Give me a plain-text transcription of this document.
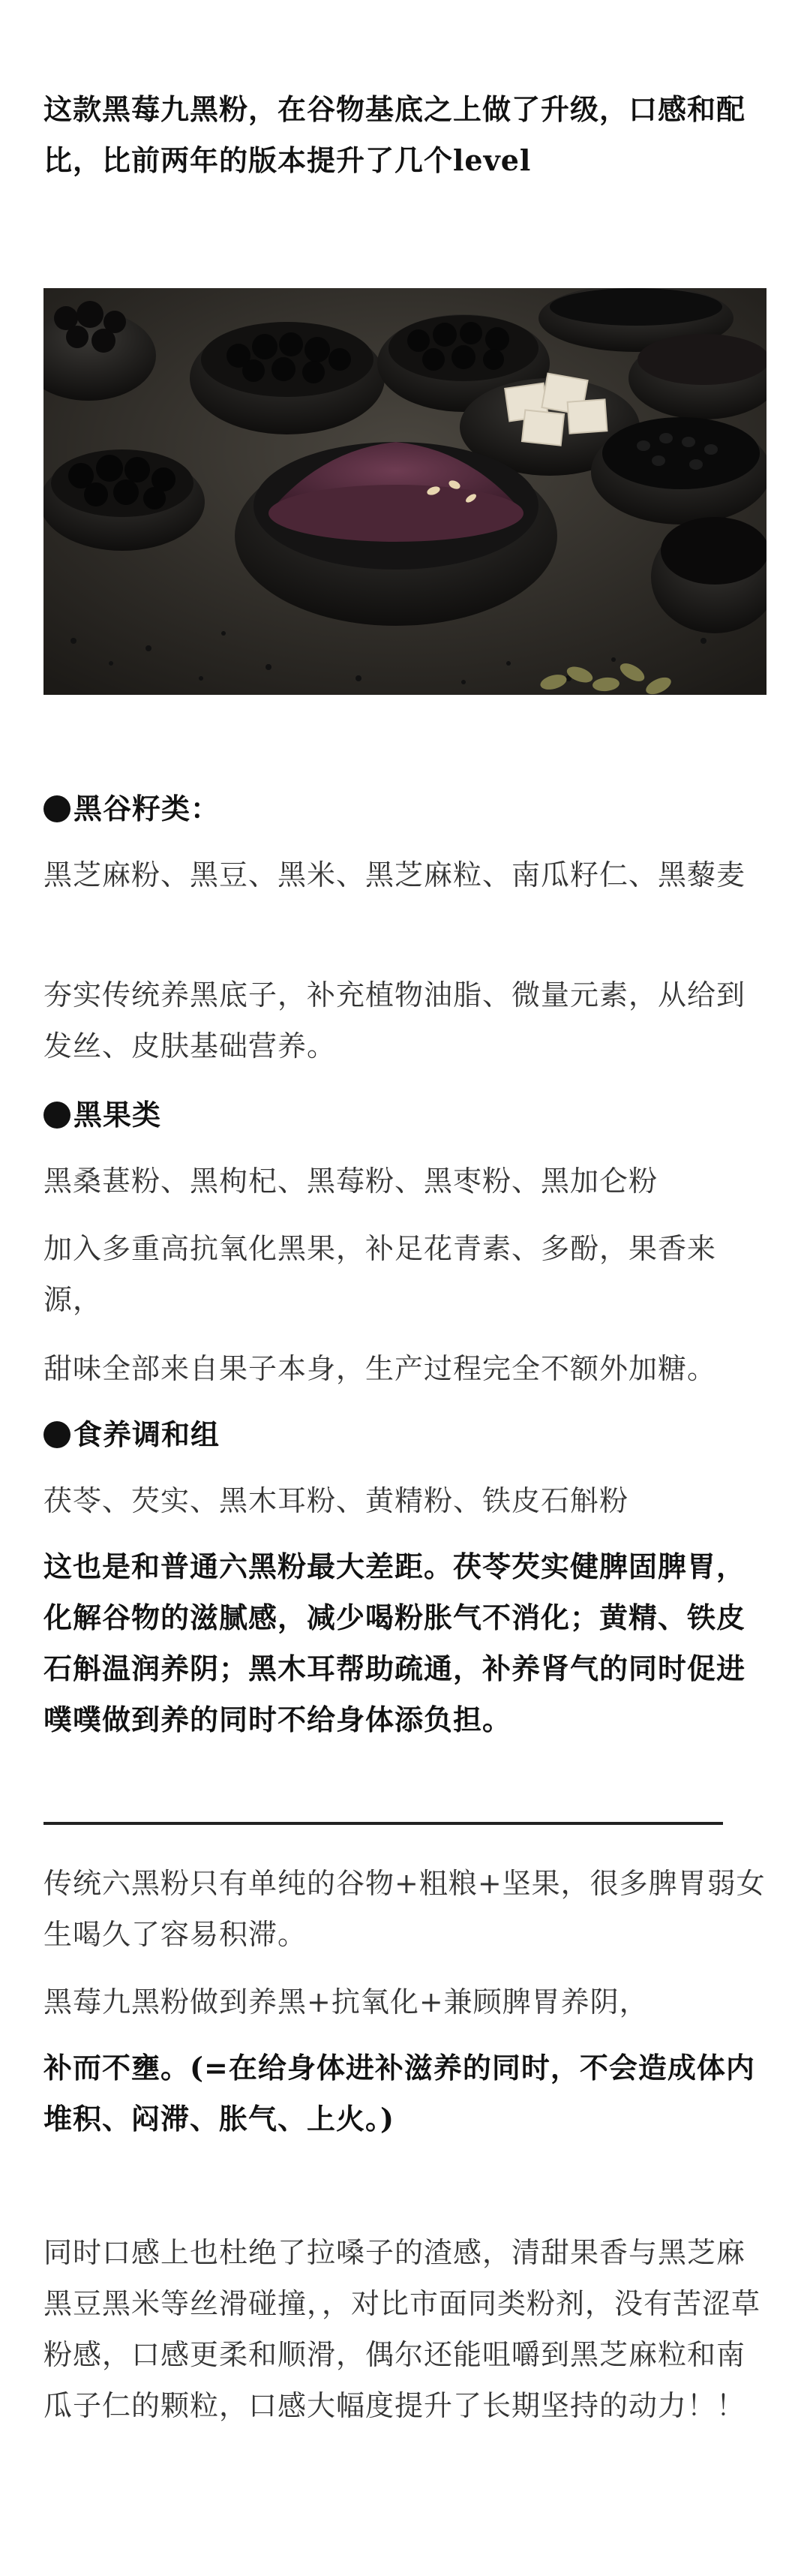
这款黑莓九黑粉，在谷物基底之上做了升级，口感和配比，比前两年的版本提升了几个level

黑谷籽类：

黑芝麻粉、黑豆、黑米、黑芝麻粒、南瓜籽仁、黑藜麦

夯实传统养黑底子，补充植物油脂、微量元素，从给到发丝、皮肤基础营养。

黑果类

黑桑葚粉、黑枸杞、黑莓粉、黑枣粉、黑加仑粉

加入多重高抗氧化黑果，补足花青素、多酚，果香来源，

甜味全部来自果子本身，生产过程完全不额外加糖。

食养调和组

茯苓、芡实、黑木耳粉、黄精粉、铁皮石斛粉

这也是和普通六黑粉最大差距。茯苓芡实健脾固脾胃，化解谷物的滋腻感，减少喝粉胀气不消化；黄精、铁皮石斛温润养阴；黑木耳帮助疏通，补养肾气的同时促进噗噗做到养的同时不给身体添负担。

传统六黑粉只有单纯的谷物+粗粮+坚果，很多脾胃弱女生喝久了容易积滞。

黑莓九黑粉做到养黑+抗氧化+兼顾脾胃养阴，

补而不壅。(=在给身体进补滋养的同时，不会造成体内堆积、闷滞、胀气、上火。)

同时口感上也杜绝了拉嗓子的渣感，清甜果香与黑芝麻黑豆黑米等丝滑碰撞，，对比市面同类粉剂，没有苦涩草粉感，口感更柔和顺滑，偶尔还能咀嚼到黑芝麻粒和南瓜子仁的颗粒，口感大幅度提升了长期坚持的动力！！
